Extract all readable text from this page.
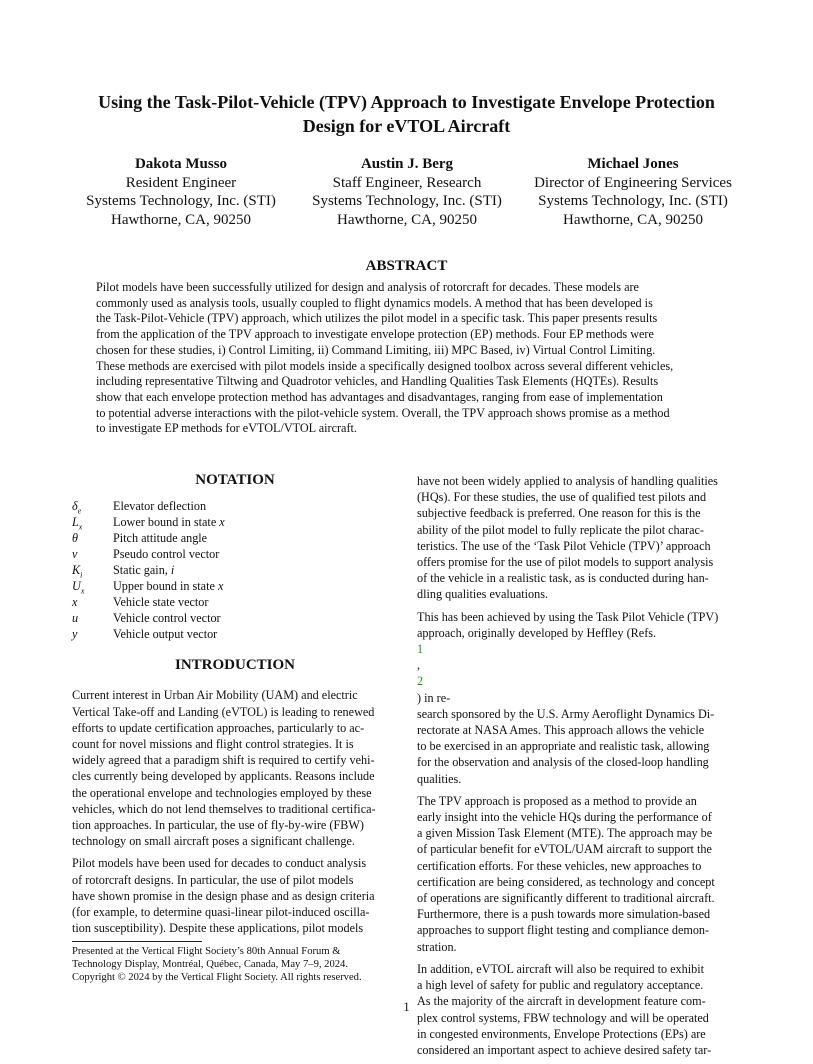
Using the Task-Pilot-Vehicle (TPV) Approach to Investigate Envelope Protection
Design for eVTOL Aircraft
Dakota Musso
Resident Engineer
Systems Technology, Inc. (STI)
Hawthorne, CA, 90250
Austin J. Berg
Staff Engineer, Research
Systems Technology, Inc. (STI)
Hawthorne, CA, 90250
Michael Jones
Director of Engineering Services
Systems Technology, Inc. (STI)
Hawthorne, CA, 90250
ABSTRACT
Pilot models have been successfully utilized for design and analysis of rotorcraft for decades. These models are
commonly used as analysis tools, usually coupled to flight dynamics models. A method that has been developed is
the Task-Pilot-Vehicle (TPV) approach, which utilizes the pilot model in a specific task. This paper presents results
from the application of the TPV approach to investigate envelope protection (EP) methods. Four EP methods were
chosen for these studies, i) Control Limiting, ii) Command Limiting, iii) MPC Based, iv) Virtual Control Limiting.
These methods are exercised with pilot models inside a specifically designed toolbox across several different vehicles,
including representative Tiltwing and Quadrotor vehicles, and Handling Qualities Task Elements (HQTEs). Results
show that each envelope protection method has advantages and disadvantages, ranging from ease of implementation
to potential adverse interactions with the pilot-vehicle system. Overall, the TPV approach shows promise as a method
to investigate EP methods for eVTOL/VTOL aircraft.
NOTATION
$\delta_e$	Elevator deflection
$L_x$	Lower bound in state x
θ	Pitch attitude angle
ν	Pseudo control vector
$K_i$	Static gain, i
$U_x$	Upper bound in state x
x	Vehicle state vector
u	Vehicle control vector
y	Vehicle output vector
INTRODUCTION

Current interest in Urban Air Mobility (UAM) and electric
Vertical Take-off and Landing (eVTOL) is leading to renewed
efforts to update certification approaches, particularly to ac-
count for novel missions and flight control strategies. It is
widely agreed that a paradigm shift is required to certify vehi-
cles currently being developed by applicants. Reasons include
the operational envelope and technologies employed by these
vehicles, which do not lend themselves to traditional certifica-
tion approaches. In particular, the use of fly-by-wire (FBW)
technology on small aircraft poses a significant challenge.

Pilot models have been used for decades to conduct analysis
of rotorcraft designs. In particular, the use of pilot models
have shown promise in the design phase and as design criteria
(for example, to determine quasi-linear pilot-induced oscilla-
tion susceptibility). Despite these applications, pilot models

Presented at the Vertical Flight Society’s 80th Annual Forum &
Technology Display, Montréal, Québec, Canada, May 7–9, 2024.
Copyright © 2024 by the Vertical Flight Society. All rights reserved.

have not been widely applied to analysis of handling qualities
(HQs). For these studies, the use of qualified test pilots and
subjective feedback is preferred. One reason for this is the
ability of the pilot model to fully replicate the pilot charac-
teristics. The use of the ‘Task Pilot Vehicle (TPV)’ approach
offers promise for the use of pilot models to support analysis
of the vehicle in a realistic task, as is conducted during han-
dling qualities evaluations.

This has been achieved by using the Task Pilot Vehicle (TPV)
approach, originally developed by Heffley (Refs.
1
,
2
) in re-
search sponsored by the U.S. Army Aeroflight Dynamics Di-
rectorate at NASA Ames. This approach allows the vehicle
to be exercised in an appropriate and realistic task, allowing
for the observation and analysis of the closed-loop handling
qualities.

The TPV approach is proposed as a method to provide an
early insight into the vehicle HQs during the performance of
a given Mission Task Element (MTE). The approach may be
of particular benefit for eVTOL/UAM aircraft to support the
certification efforts. For these vehicles, new approaches to
certification are being considered, as technology and concept
of operations are significantly different to traditional aircraft.
Furthermore, there is a push towards more simulation-based
approaches to support flight testing and compliance demon-
stration.

In addition, eVTOL aircraft will also be required to exhibit
a high level of safety for public and regulatory acceptance.
As the majority of the aircraft in development feature com-
plex control systems, FBW technology and will be operated
in congested environments, Envelope Protections (EPs) are
considered an important aspect to achieve desired safety tar-

1
